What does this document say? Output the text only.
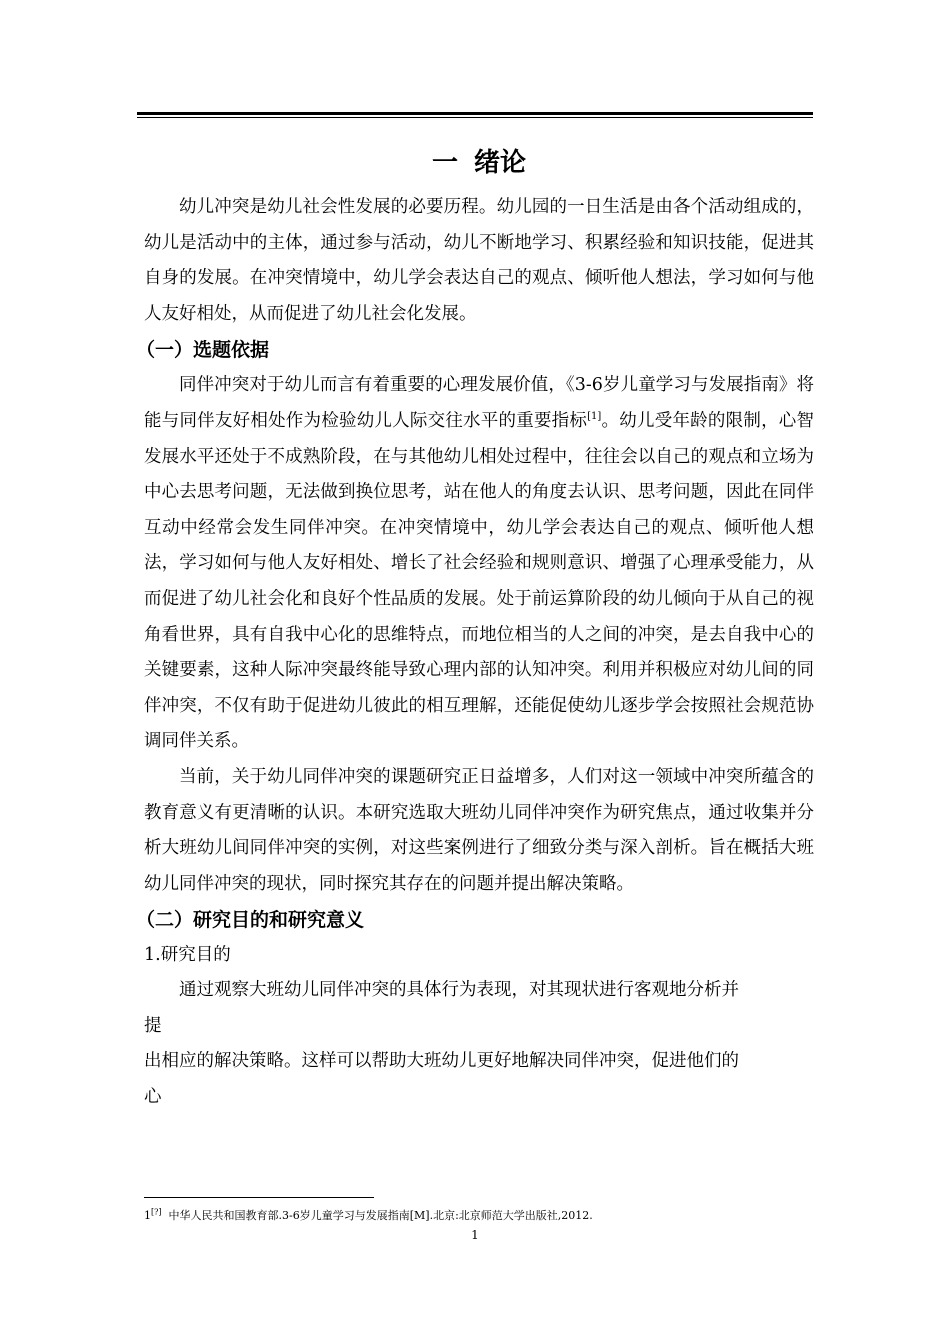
一 绪论

幼儿冲突是幼儿社会性发展的必要历程。幼儿园的一日生活是由各个活动组成的，幼儿是活动中的主体，通过参与活动，幼儿不断地学习、积累经验和知识技能，促进其自身的发展。在冲突情境中，幼儿学会表达自己的观点、倾听他人想法，学习如何与他人友好相处，从而促进了幼儿社会化发展。

（一）选题依据

同伴冲突对于幼儿而言有着重要的心理发展价值，《3-6岁儿童学习与发展指南》将能与同伴友好相处作为检验幼儿人际交往水平的重要指标[1]。幼儿受年龄的限制，心智发展水平还处于不成熟阶段，在与其他幼儿相处过程中，往往会以自己的观点和立场为中心去思考问题，无法做到换位思考，站在他人的角度去认识、思考问题，因此在同伴互动中经常会发生同伴冲突。在冲突情境中，幼儿学会表达自己的观点、倾听他人想法，学习如何与他人友好相处、增长了社会经验和规则意识、增强了心理承受能力，从而促进了幼儿社会化和良好个性品质的发展。处于前运算阶段的幼儿倾向于从自己的视角看世界，具有自我中心化的思维特点，而地位相当的人之间的冲突，是去自我中心的关键要素，这种人际冲突最终能导致心理内部的认知冲突。利用并积极应对幼儿间的同伴冲突，不仅有助于促进幼儿彼此的相互理解，还能促使幼儿逐步学会按照社会规范协调同伴关系。

当前，关于幼儿同伴冲突的课题研究正日益增多，人们对这一领域中冲突所蕴含的教育意义有更清晰的认识。本研究选取大班幼儿同伴冲突作为研究焦点，通过收集并分析大班幼儿间同伴冲突的实例，对这些案例进行了细致分类与深入剖析。旨在概括大班幼儿同伴冲突的现状，同时探究其存在的问题并提出解决策略。

（二）研究目的和研究意义

1.研究目的

通过观察大班幼儿同伴冲突的具体行为表现，对其现状进行客观地分析并

提

出相应的解决策略。这样可以帮助大班幼儿更好地解决同伴冲突，促进他们的

心

1[?] 中华人民共和国教育部.3-6岁儿童学习与发展指南[M].北京:北京师范大学出版社,2012.
1
